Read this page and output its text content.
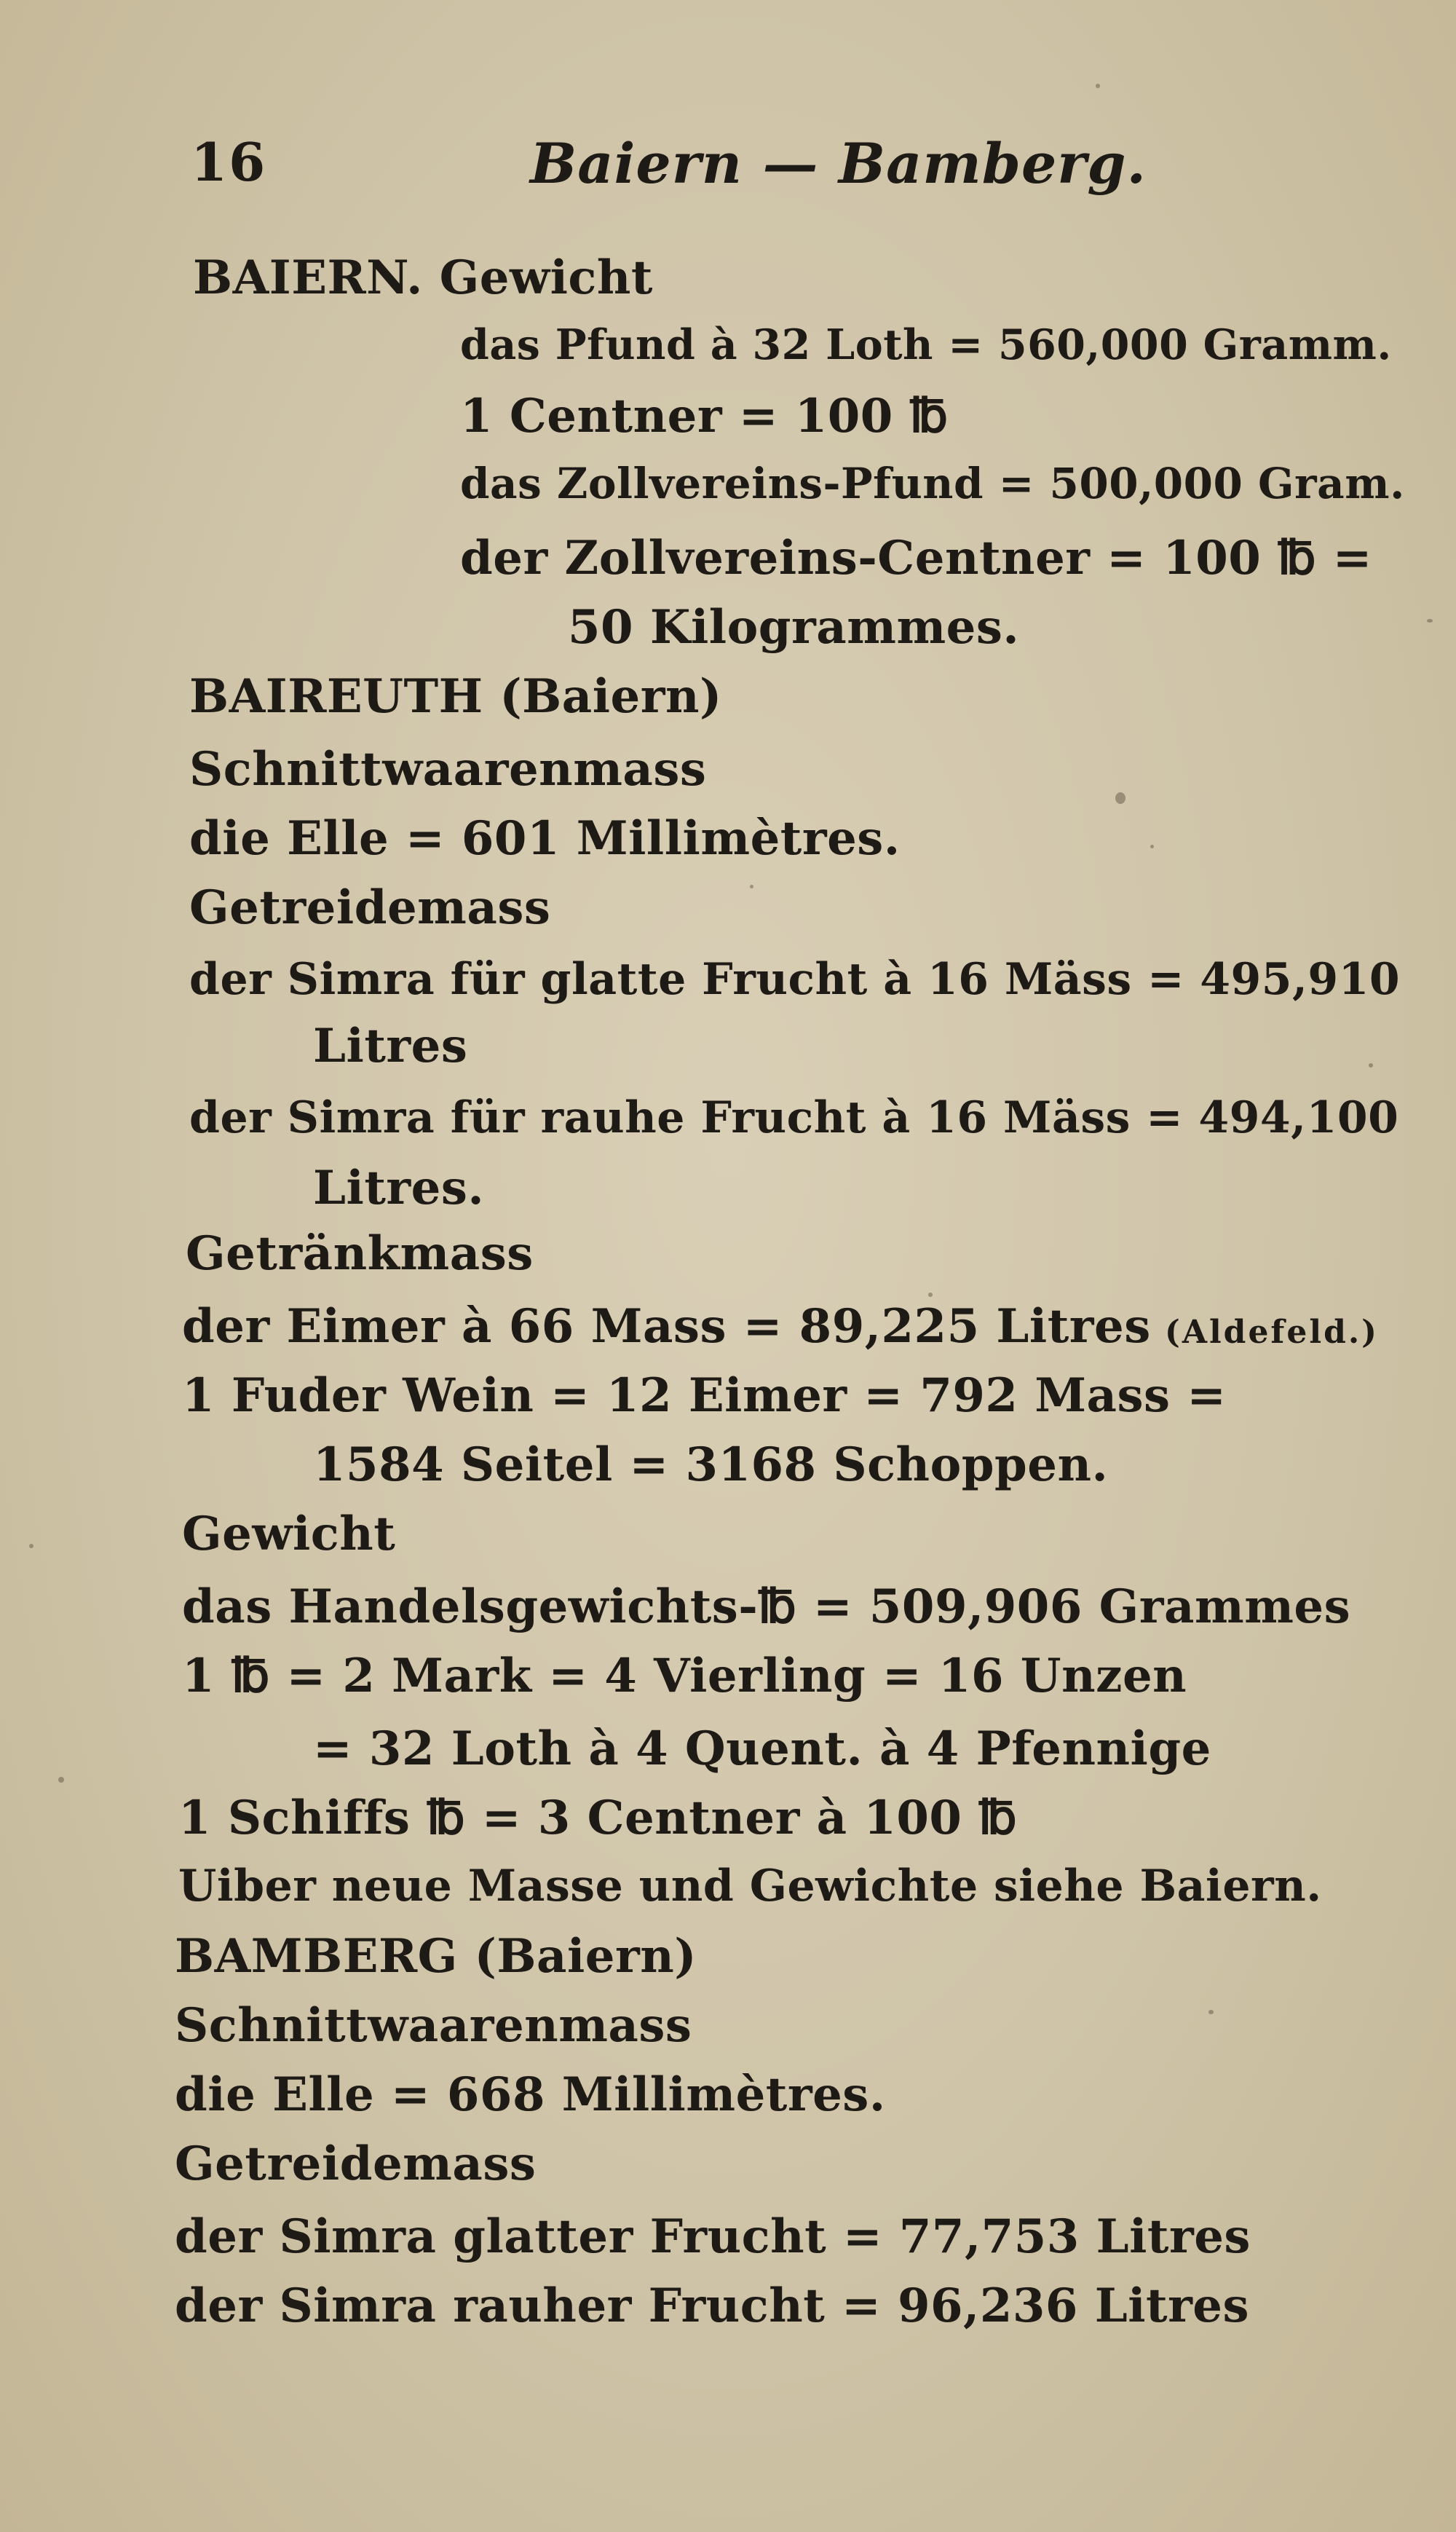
16	Baiern — Bamberg.
BAIERN. Gewicht
das Pfund à 32 Loth = 560,000 Gramm.
1 Centner = 100 ℔
das Zollvereins-Pfund = 500,000 Gram.
der Zollvereins-Centner = 100 ℔ =
50 Kilogrammes.
BAIREUTH (Baiern)
Schnittwaarenmass
die Elle = 601 Millimètres.
Getreidemass
der Simra für glatte Frucht à 16 Mäss = 495,910
Litres
der Simra für rauhe Frucht à 16 Mäss = 494,100
Litres.
Getränkmass
der Eimer à 66 Mass = 89,225 Litres (Aldefeld.)
1 Fuder Wein = 12 Eimer = 792 Mass =
1584 Seitel = 3168 Schoppen.
Gewicht
das Handelsgewichts-℔ = 509,906 Grammes
1 ℔ = 2 Mark = 4 Vierling = 16 Unzen
= 32 Loth à 4 Quent. à 4 Pfennige
1 Schiffs ℔ = 3 Centner à 100 ℔
Uiber neue Masse und Gewichte siehe Baiern.
BAMBERG (Baiern)
Schnittwaarenmass
die Elle = 668 Millimètres.
Getreidemass
der Simra glatter Frucht = 77,753 Litres
der Simra rauher Frucht = 96,236 Litres
